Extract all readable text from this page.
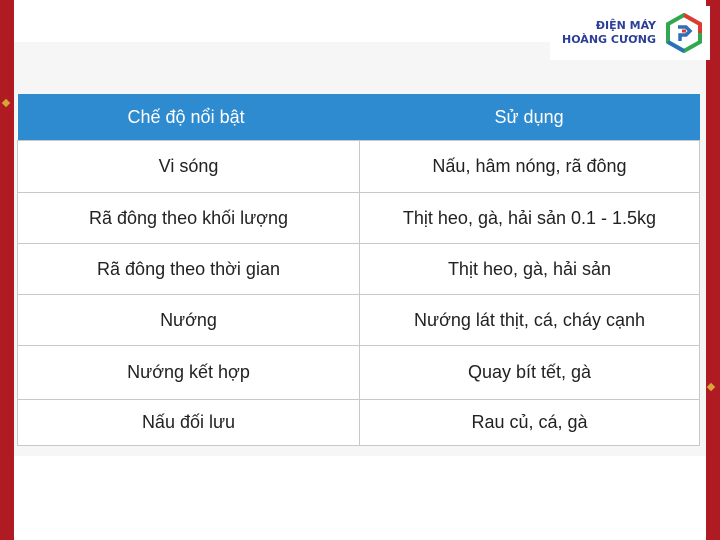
ĐIỆN MÁY
HOÀNG CƯƠNG
Chế độ nổi bật	Sử dụng
Vi sóng	Nấu, hâm nóng, rã đông
Rã đông theo khối lượng	Thịt heo, gà, hải sản 0.1 - 1.5kg
Rã đông theo thời gian	Thịt heo, gà, hải sản
Nướng	Nướng lát thịt, cá, cháy cạnh
Nướng kết hợp	Quay bít tết, gà
Nấu đối lưu	Rau củ, cá, gà
